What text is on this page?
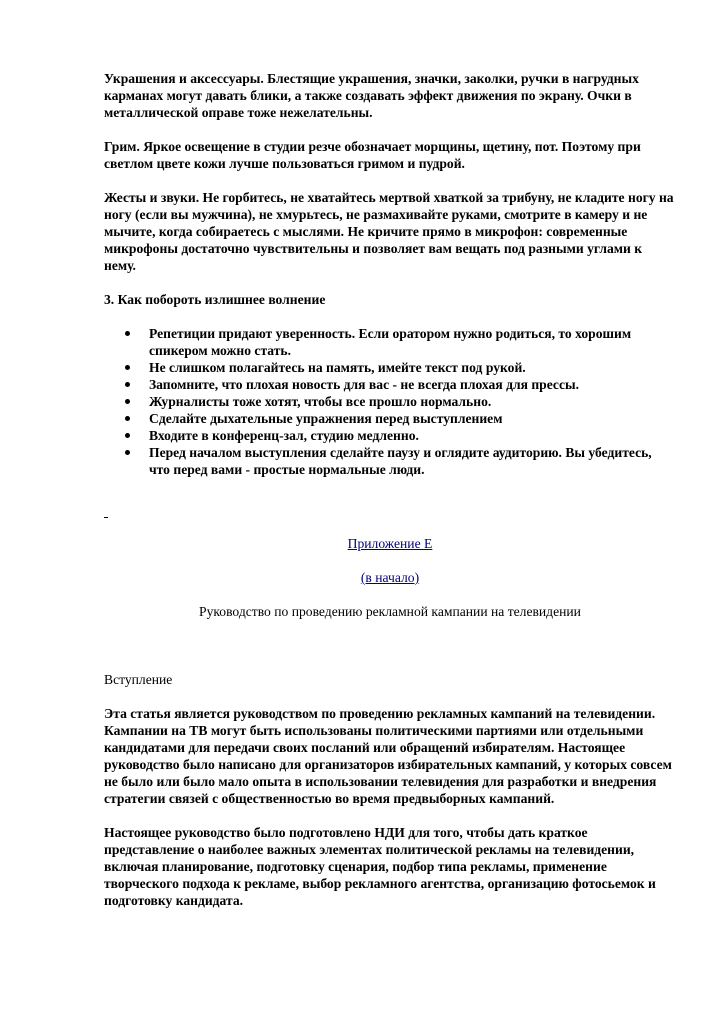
Украшения и аксессуары. Блестящие украшения, значки, заколки, ручки в нагрудных карманах могут давать блики, а также создавать эффект движения по экрану. Очки в металлической оправе тоже нежелательны.

Грим. Яркое освещение в студии резче обозначает морщины, щетину, пот. Поэтому при светлом цвете кожи лучше пользоваться гримом и пудрой.

Жесты и звуки. Не горбитесь, не хватайтесь мертвой хваткой за трибуну, не кладите ногу на ногу (если вы мужчина), не хмурьтесь, не размахивайте руками, смотрите в камеру и не мычите, когда собираетесь с мыслями. Не кричите прямо в микрофон: современные микрофоны достаточно чувствительны и позволяет вам вещать под разными углами к нему.

3. Как побороть излишнее волнение

Репетиции придают уверенность. Если оратором нужно родиться, то хорошим спикером можно стать.
Не слишком полагайтесь на память, имейте текст под рукой.
Запомните, что плохая новость для вас - не всегда плохая для прессы.
Журналисты тоже хотят, чтобы все прошло нормально.
Сделайте дыхательные упражнения перед выступлением
Входите в конференц-зал, студию медленно.
Перед началом выступления сделайте паузу и оглядите аудиторию. Вы убедитесь, что перед вами - простые нормальные люди.

Приложение Е

(в начало)

Руководство по проведению рекламной кампании на телевидении

Вступление

Эта статья является руководством по проведению рекламных кампаний на телевидении. Кампании на ТВ могут быть использованы политическими партиями или отдельными кандидатами для передачи своих посланий или обращений избирателям. Настоящее руководство было написано для организаторов избирательных кампаний, у которых совсем не было или было мало опыта в использовании телевидения для разработки и внедрения стратегии связей с общественностью во время предвыборных кампаний.

Настоящее руководство было подготовлено НДИ для того, чтобы дать краткое представление о наиболее важных элементах политической рекламы на телевидении, включая планирование, подготовку сценария, подбор типа рекламы, применение творческого подхода к рекламе, выбор рекламного агентства, организацию фотосьемок и подготовку кандидата.
